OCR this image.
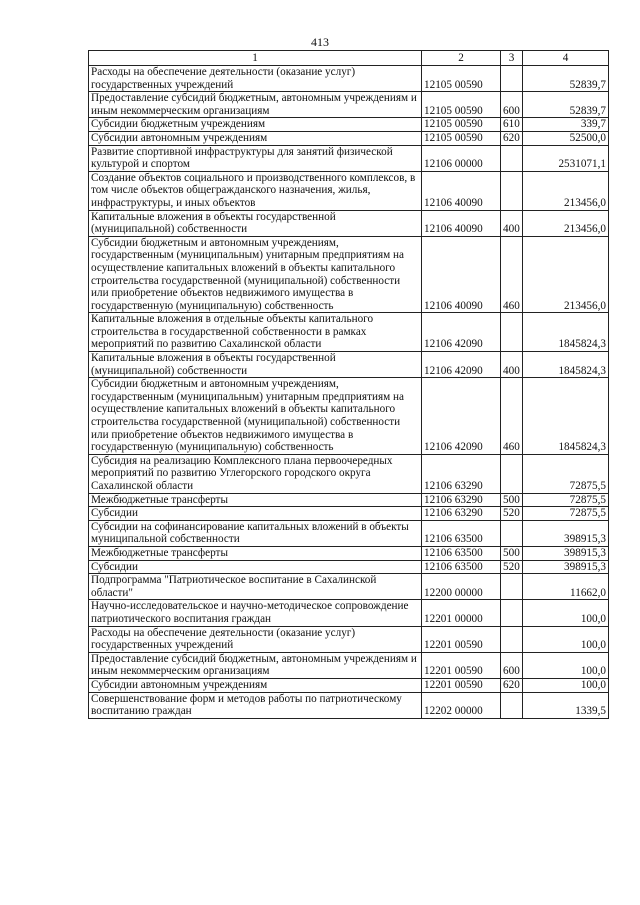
413
1	2	3	4
Расходы на обеспечение деятельности (оказание услуг) государственных учреждений	12105 00590		52839,7
Предоставление субсидий бюджетным, автономным учреждениям и иным некоммерческим организациям	12105 00590	600	52839,7
Субсидии бюджетным учреждениям	12105 00590	610	339,7
Субсидии автономным учреждениям	12105 00590	620	52500,0
Развитие спортивной инфраструктуры для занятий физической культурой и спортом	12106 00000		2531071,1
Создание объектов социального и производственного комплексов, в том числе объектов общегражданского назначения, жилья, инфраструктуры, и иных объектов	12106 40090		213456,0
Капитальные вложения в объекты государственной (муниципальной) собственности	12106 40090	400	213456,0
Субсидии бюджетным и автономным учреждениям, государственным (муниципальным) унитарным предприятиям на осуществление капитальных вложений в объекты капитального строительства государственной (муниципальной) собственности или приобретение объектов недвижимого имущества в государственную (муниципальную) собственность	12106 40090	460	213456,0
Капитальные вложения в отдельные объекты капитального строительства в государственной собственности в рамках мероприятий по развитию Сахалинской области	12106 42090		1845824,3
Капитальные вложения в объекты государственной (муниципальной) собственности	12106 42090	400	1845824,3
Субсидии бюджетным и автономным учреждениям, государственным (муниципальным) унитарным предприятиям на осуществление капитальных вложений в объекты капитального строительства государственной (муниципальной) собственности или приобретение объектов недвижимого имущества в государственную (муниципальную) собственность	12106 42090	460	1845824,3
Субсидия на реализацию Комплексного плана первоочередных мероприятий по развитию Углегорского городского округа Сахалинской области	12106 63290		72875,5
Межбюджетные трансферты	12106 63290	500	72875,5
Субсидии	12106 63290	520	72875,5
Субсидии на софинансирование капитальных вложений в объекты муниципальной собственности	12106 63500		398915,3
Межбюджетные трансферты	12106 63500	500	398915,3
Субсидии	12106 63500	520	398915,3
Подпрограмма "Патриотическое воспитание в Сахалинской области"	12200 00000		11662,0
Научно-исследовательское и научно-методическое сопровождение патриотического воспитания граждан	12201 00000		100,0
Расходы на обеспечение деятельности (оказание услуг) государственных учреждений	12201 00590		100,0
Предоставление субсидий бюджетным, автономным учреждениям и иным некоммерческим организациям	12201 00590	600	100,0
Субсидии автономным учреждениям	12201 00590	620	100,0
Совершенствование форм и методов работы по патриотическому воспитанию граждан	12202 00000		1339,5
